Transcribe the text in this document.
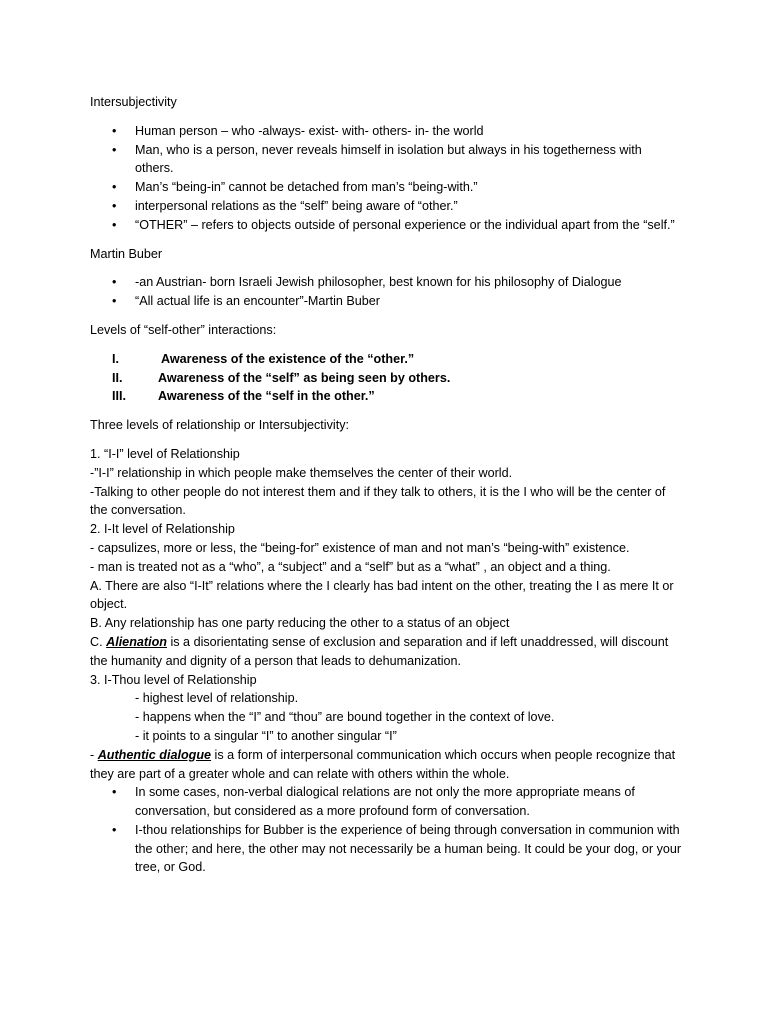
Intersubjectivity

• Human person – who -always- exist- with- others- in- the world
• Man, who is a person, never reveals himself in isolation but always in his togetherness with others.
• Man’s “being-in” cannot be detached from man’s “being-with.”
• interpersonal relations as the “self” being aware of “other.”
• “OTHER” – refers to objects outside of personal experience or the individual apart from the “self.”

Martin Buber

• -an Austrian- born Israeli Jewish philosopher, best known for his philosophy of Dialogue
• “All actual life is an encounter”-Martin Buber

Levels of “self-other” interactions:

I.	Awareness of the existence of the “other.”
II.	Awareness of the “self” as being seen by others.
III.	Awareness of the “self in the other.”

Three levels of relationship or Intersubjectivity:

1. “I-I” level of Relationship

-”I-I” relationship in which people make themselves the center of their world.

-Talking to other people do not interest them and if they talk to others, it is the I who will be the center of the conversation.

2. I-It level of Relationship

- capsulizes, more or less, the “being-for” existence of man and not man’s “being-with” existence.

- man is treated not as a “who”, a “subject” and a “self” but as a “what” , an object and a thing.

A. There are also “I-It” relations where the I clearly has bad intent on the other, treating the I as mere It or object.

B. Any relationship has one party reducing the other to a status of an object

C. Alienation is a disorientating sense of exclusion and separation and if left unaddressed, will discount the humanity and dignity of a person that leads to dehumanization.

3. I-Thou level of Relationship

- highest level of relationship.

- happens when the “I” and “thou” are bound together in the context of love.

- it points to a singular “I” to another singular “I”

- Authentic dialogue is a form of interpersonal communication which occurs when people recognize that they are part of a greater whole and can relate with others within the whole.

• In some cases, non-verbal dialogical relations are not only the more appropriate means of conversation, but considered as a more profound form of conversation.
• I-thou relationships for Bubber is the experience of being through conversation in communion with the other; and here, the other may not necessarily be a human being. It could be your dog, or your tree, or God.
